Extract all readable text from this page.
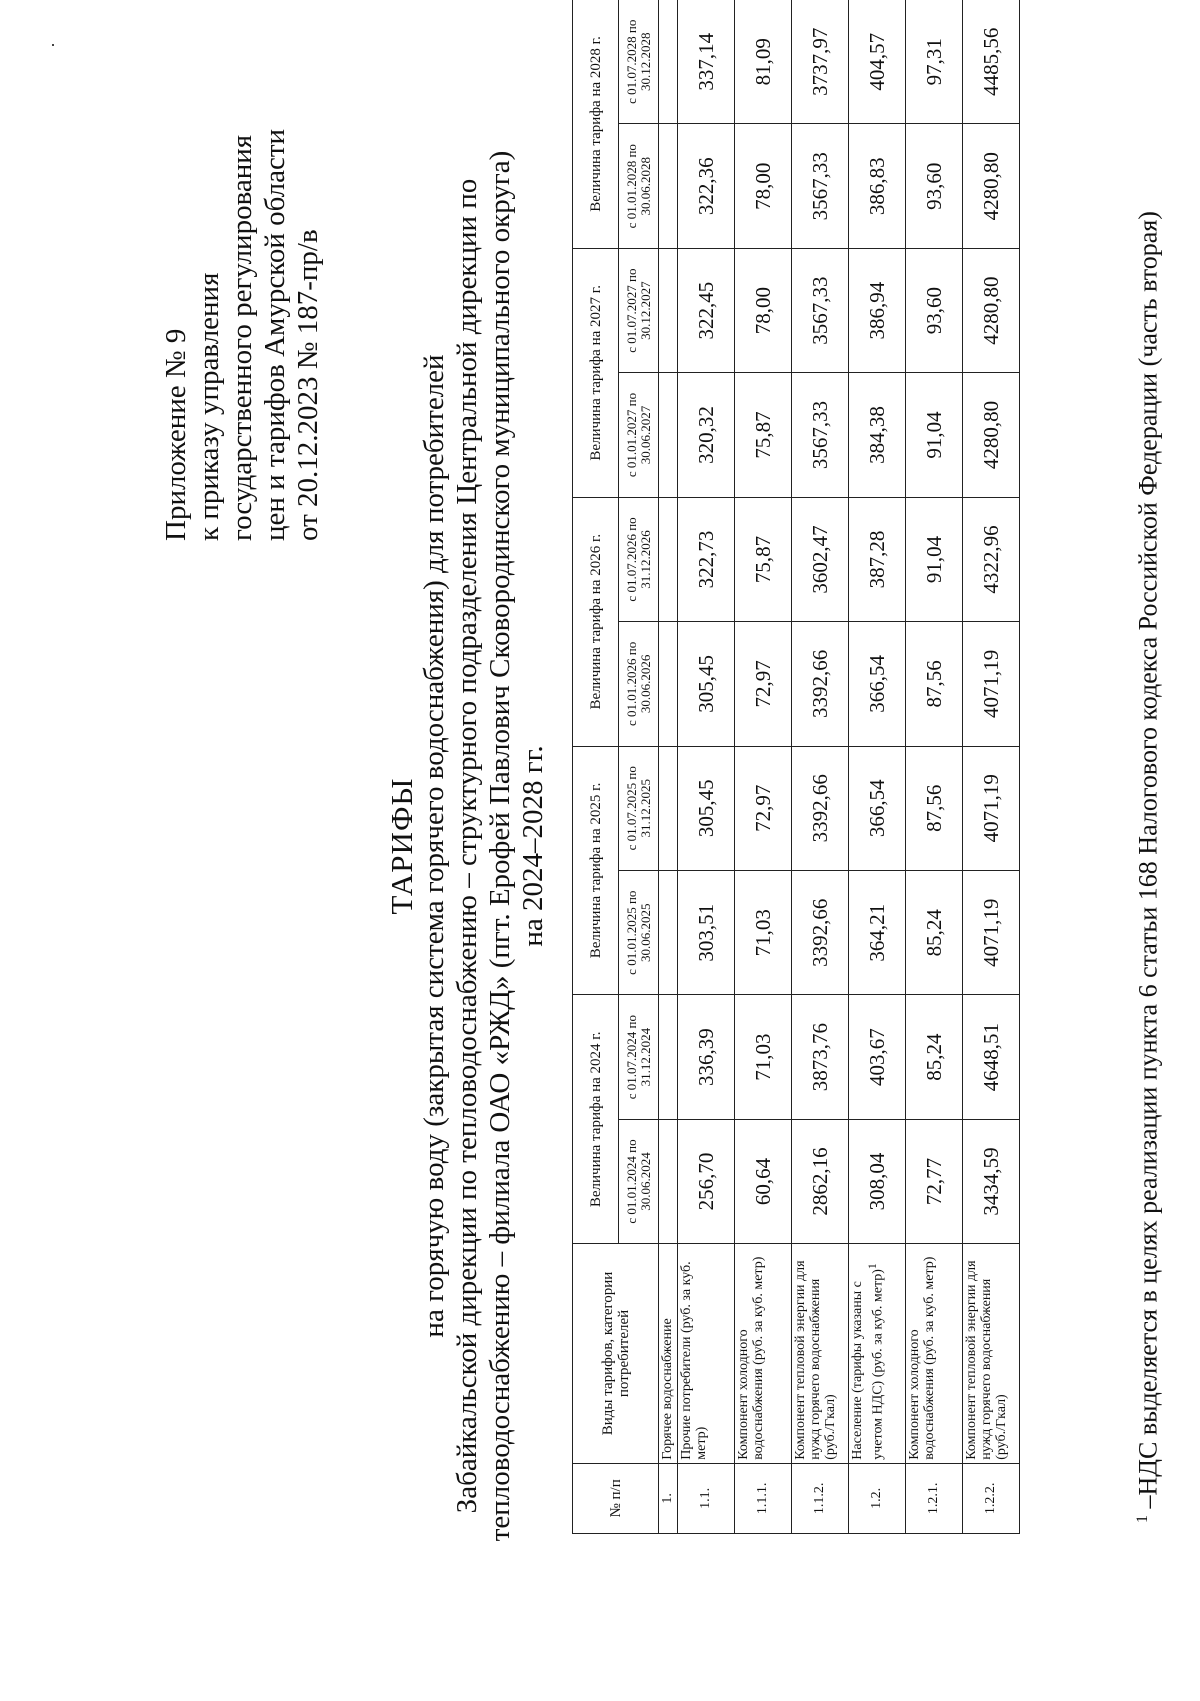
Приложение № 9 к приказу управления государственного регулирования цен и тарифов Амурской области от 20.12.2023 № 187-пр/в
ТАРИФЫ на горячую воду (закрытая система горячего водоснабжения) для потребителей Забайкальской дирекции по тепловодоснабжению – структурного подразделения Центральной дирекции по тепловодоснабжению – филиала ОАО «РЖД» (пгт. Ерофей Павлович Сковородинского муниципального округа) на 2024–2028 гг.
№ п/п	Виды тарифов, категории потребителей	Величина тарифа на 2024 г.		Величина тарифа на 2025 г.		Величина тарифа на 2026 г.		Величина тарифа на 2027 г.		Величина тарифа на 2028 г.	
		с 01.01.2024 по 30.06.2024	с 01.07.2024 по 31.12.2024	с 01.01.2025 по 30.06.2025	с 01.07.2025 по 31.12.2025	с 01.01.2026 по 30.06.2026	с 01.07.2026 по 31.12.2026	с 01.01.2027 по 30.06.2027	с 01.07.2027 по 30.12.2027	с 01.01.2028 по 30.06.2028	с 01.07.2028 по 30.12.2028
1.	Горячее водоснабжение										
1.1.	Прочие потребители (руб. за куб. метр)	256,70	336,39	303,51	305,45	305,45	322,73	320,32	322,45	322,36	337,14
1.1.1.	Компонент холодного водоснабжения (руб. за куб. метр)	60,64	71,03	71,03	72,97	72,97	75,87	75,87	78,00	78,00	81,09
1.1.2.	Компонент тепловой энергии для нужд горячего водоснабжения (руб./Гкал)	2862,16	3873,76	3392,66	3392,66	3392,66	3602,47	3567,33	3567,33	3567,33	3737,97
1.2.	Население (тарифы указаны с учетом НДС) (руб. за куб. метр)$^1$	308,04	403,67	364,21	366,54	366,54	387,28	384,38	386,94	386,83	404,57
1.2.1.	Компонент холодного водоснабжения (руб. за куб. метр)	72,77	85,24	85,24	87,56	87,56	91,04	91,04	93,60	93,60	97,31
1.2.2.	Компонент тепловой энергии для нужд горячего водоснабжения (руб./Гкал)	3434,59	4648,51	4071,19	4071,19	4071,19	4322,96	4280,80	4280,80	4280,80	4485,56
$^1$ –НДС выделяется в целях реализации пункта 6 статьи 168 Налогового кодекса Российской Федерации (часть вторая)
